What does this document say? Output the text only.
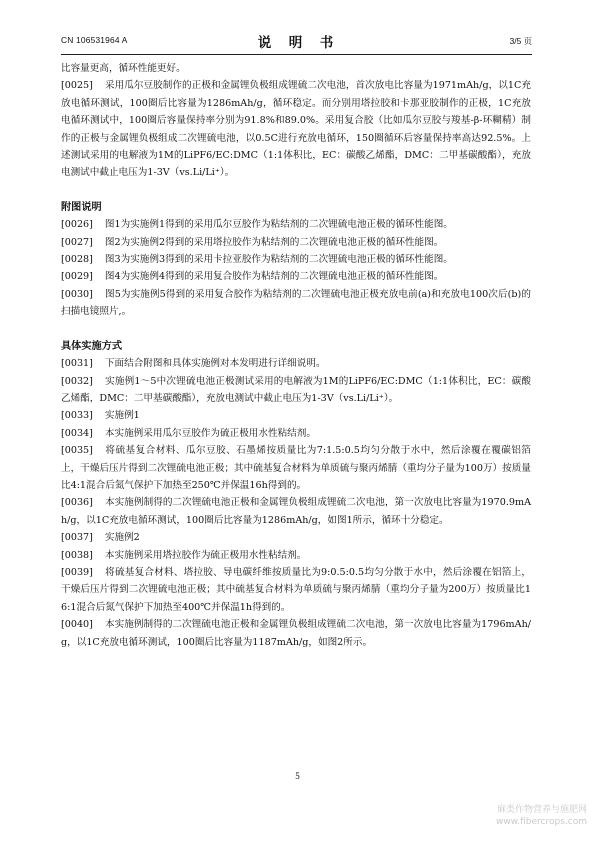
CN 106531964 A	说　明　书	3/5 页

比容量更高，循环性能更好。

[0025] 采用瓜尔豆胶制作的正极和金属锂负极组成锂硫二次电池，首次放电比容量为1971mAh/g，以1C充放电循环测试，100圈后比容量为1286mAh/g，循环稳定。而分别用塔拉胶和卡那亚胶制作的正极，1C充放电循环测试中，100圈后容量保持率分别为91.8%和89.0%。采用复合胶（比如瓜尔豆胶与羧基-β-环糊精）制作的正极与金属锂负极组成二次锂硫电池，以0.5C进行充放电循环，150圈循环后容量保持率高达92.5%。上述测试采用的电解液为1M的LiPF6/EC:DMC（1:1体积比，EC：碳酸乙烯酯，DMC：二甲基碳酸酯），充放电测试中截止电压为1-3V（vs.Li/Li⁺）。

附图说明

[0026] 图1为实施例1得到的采用瓜尔豆胶作为粘结剂的二次锂硫电池正极的循环性能图。

[0027] 图2为实施例2得到的采用塔拉胶作为粘结剂的二次锂硫电池正极的循环性能图。

[0028] 图3为实施例3得到的采用卡拉亚胶作为粘结剂的二次锂硫电池正极的循环性能图。

[0029] 图4为实施例4得到的采用复合胶作为粘结剂的二次锂硫电池正极的循环性能图。

[0030] 图5为实施例5得到的采用复合胶作为粘结剂的二次锂硫电池正极充放电前(a)和充放电100次后(b)的扫描电镜照片,。

具体实施方式

[0031] 下面结合附图和具体实施例对本发明进行详细说明。

[0032] 实施例1～5中次锂硫电池正极测试采用的电解液为1M的LiPF6/EC:DMC（1:1体积比，EC：碳酸乙烯酯，DMC：二甲基碳酸酯），充放电测试中截止电压为1-3V（vs.Li/Li⁺）。

[0033] 实施例1

[0034] 本实施例采用瓜尔豆胶作为硫正极用水性粘结剂。

[0035] 将硫基复合材料、瓜尔豆胶、石墨烯按质量比为7:1.5:0.5均匀分散于水中，然后涂覆在覆碳铝箔上，干燥后压片得到二次锂硫电池正极；其中硫基复合材料为单质硫与聚丙烯腈（重均分子量为100万）按质量比4:1混合后氮气保护下加热至250℃并保温16h得到的。

[0036] 本实施例制得的二次锂硫电池正极和金属锂负极组成锂硫二次电池，第一次放电比容量为1970.9mAh/g，以1C充放电循环测试，100圈后比容量为1286mAh/g，如图1所示，循环十分稳定。

[0037] 实施例2

[0038] 本实施例采用塔拉胶作为硫正极用水性粘结剂。

[0039] 将硫基复合材料、塔拉胶、导电碳纤维按质量比为9:0.5:0.5均匀分散于水中，然后涂覆在铝箔上，干燥后压片得到二次锂硫电池正极；其中硫基复合材料为单质硫与聚丙烯腈（重均分子量为200万）按质量比16:1混合后氮气保护下加热至400℃并保温1h得到的。

[0040] 本实施例制得的二次锂硫电池正极和金属锂负极组成锂硫二次电池，第一次放电比容量为1796mAh/g，以1C充放电循环测试，100圈后比容量为1187mAh/g，如图2所示。

5
麻类作物营养与施肥网
www.fibercrops.com
